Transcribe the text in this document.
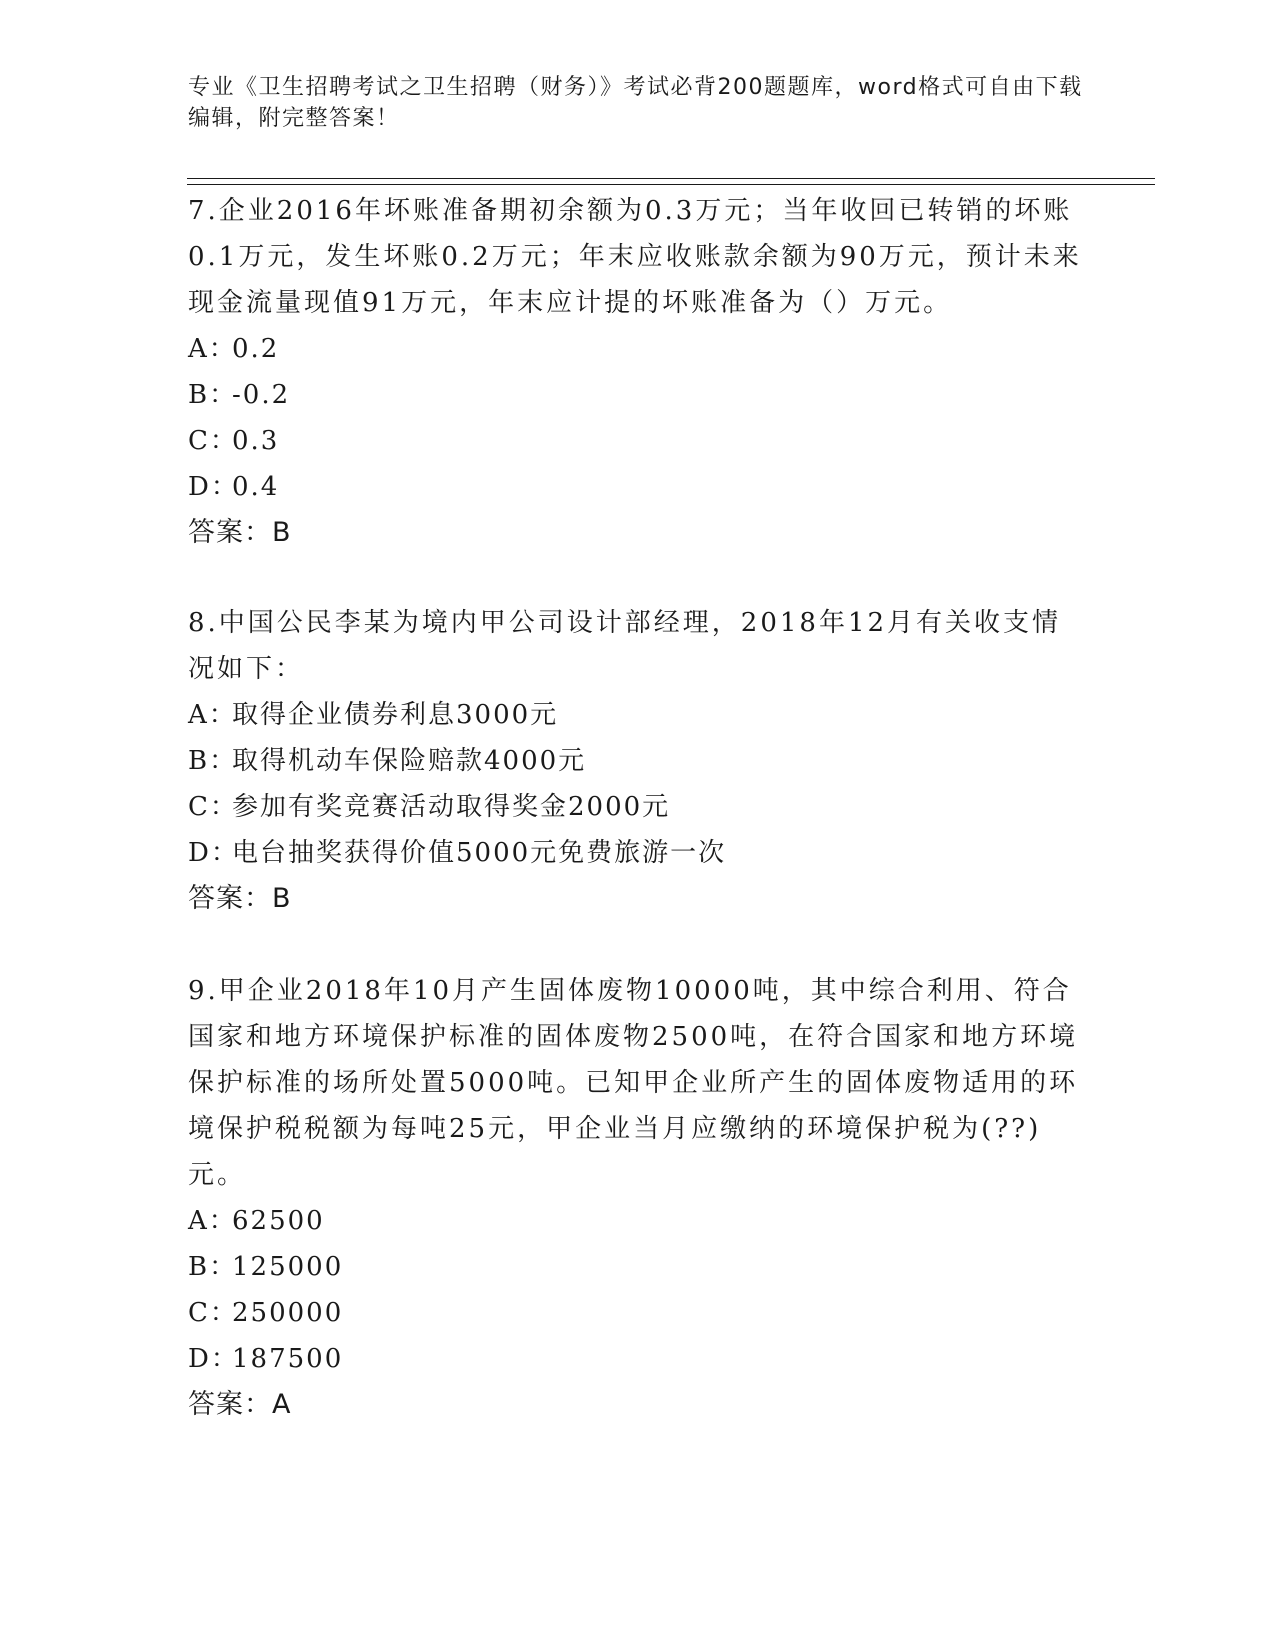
专业《卫生招聘考试之卫生招聘（财务）》考试必背200题题库，word格式可自由下载编辑，附完整答案！

7.企业2016年坏账准备期初余额为0.3万元；当年收回已转销的坏账0.1万元，发生坏账0.2万元；年末应收账款余额为90万元，预计未来现金流量现值91万元，年末应计提的坏账准备为（）万元。

A：0.2
B：-0.2
C：0.3
D：0.4
答案：B

8.中国公民李某为境内甲公司设计部经理，2018年12月有关收支情况如下：

A：取得企业债券利息3000元
B：取得机动车保险赔款4000元
C：参加有奖竞赛活动取得奖金2000元
D：电台抽奖获得价值5000元免费旅游一次
答案：B

9.甲企业2018年10月产生固体废物10000吨，其中综合利用、符合国家和地方环境保护标准的固体废物2500吨，在符合国家和地方环境保护标准的场所处置5000吨。已知甲企业所产生的固体废物适用的环境保护税税额为每吨25元，甲企业当月应缴纳的环境保护税为(??)元。

A：62500
B：125000
C：250000
D：187500
答案：A
